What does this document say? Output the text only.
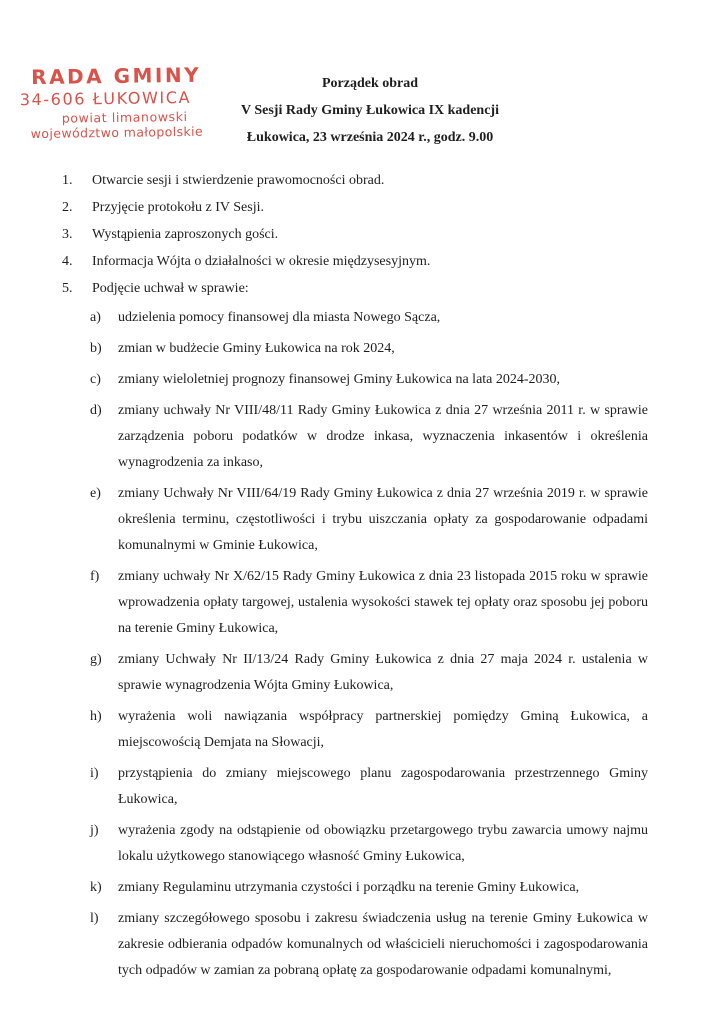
RADA GMINY
34-606 ŁUKOWICA
powiat limanowski
województwo małopolskie
Porządek obrad
V Sesji Rady Gminy Łukowica IX kadencji
Łukowica, 23 września 2024 r., godz. 9.00
1. Otwarcie sesji i stwierdzenie prawomocności obrad.
2. Przyjęcie protokołu z IV Sesji.
3. Wystąpienia zaproszonych gości.
4. Informacja Wójta o działalności w okresie międzysesyjnym.
5. Podjęcie uchwał w sprawie:
a) udzielenia pomocy finansowej dla miasta Nowego Sącza,
b) zmian w budżecie Gminy Łukowica na rok 2024,
c) zmiany wieloletniej prognozy finansowej Gminy Łukowica na lata 2024-2030,
d) zmiany uchwały Nr VIII/48/11 Rady Gminy Łukowica z dnia 27 września 2011 r. w sprawie zarządzenia poboru podatków w drodze inkasa, wyznaczenia inkasentów i określenia wynagrodzenia za inkaso,
e) zmiany Uchwały Nr VIII/64/19 Rady Gminy Łukowica z dnia 27 września 2019 r. w sprawie określenia terminu, częstotliwości i trybu uiszczania opłaty za gospodarowanie odpadami komunalnymi w Gminie Łukowica,
f) zmiany uchwały Nr X/62/15 Rady Gminy Łukowica z dnia 23 listopada 2015 roku w sprawie wprowadzenia opłaty targowej, ustalenia wysokości stawek tej opłaty oraz sposobu jej poboru na terenie Gminy Łukowica,
g) zmiany Uchwały Nr II/13/24 Rady Gminy Łukowica z dnia 27 maja 2024 r. ustalenia w sprawie wynagrodzenia Wójta Gminy Łukowica,
h) wyrażenia woli nawiązania współpracy partnerskiej pomiędzy Gminą Łukowica, a miejscowością Demjata na Słowacji,
i) przystąpienia do zmiany miejscowego planu zagospodarowania przestrzennego Gminy Łukowica,
j) wyrażenia zgody na odstąpienie od obowiązku przetargowego trybu zawarcia umowy najmu lokalu użytkowego stanowiącego własność Gminy Łukowica,
k) zmiany Regulaminu utrzymania czystości i porządku na terenie Gminy Łukowica,
l) zmiany szczegółowego sposobu i zakresu świadczenia usług na terenie Gminy Łukowica w zakresie odbierania odpadów komunalnych od właścicieli nieruchomości i zagospodarowania tych odpadów w zamian za pobraną opłatę za gospodarowanie odpadami komunalnymi,
